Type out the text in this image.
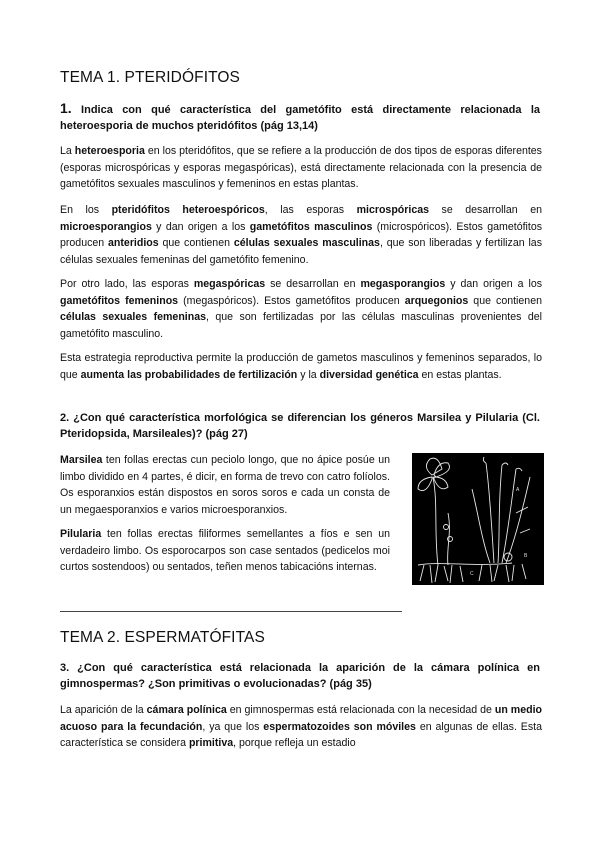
TEMA 1. PTERIDÓFITOS

1. Indica con qué característica del gametófito está directamente relacionada la heteroesporia de muchos pteridófitos (pág 13,14)

La heteroesporia en los pteridófitos, que se refiere a la producción de dos tipos de esporas diferentes (esporas microspóricas y esporas megaspóricas), está directamente relacionada con la presencia de gametófitos sexuales masculinos y femeninos en estas plantas.

En los pteridófitos heteroespóricos, las esporas microspóricas se desarrollan en microesporangios y dan origen a los gametófitos masculinos (microspóricos). Estos gametófitos producen anteridios que contienen células sexuales masculinas, que son liberadas y fertilizan las células sexuales femeninas del gametófito femenino.

Por otro lado, las esporas megaspóricas se desarrollan en megasporangios y dan origen a los gametófitos femeninos (megaspóricos). Estos gametófitos producen arquegonios que contienen células sexuales femeninas, que son fertilizadas por las células masculinas provenientes del gametófito masculino.

Esta estrategia reproductiva permite la producción de gametos masculinos y femeninos separados, lo que aumenta las probabilidades de fertilización y la diversidad genética en estas plantas.

2. ¿Con qué característica morfológica se diferencian los géneros Marsilea y Pilularia (Cl. Pteridopsida, Marsileales)? (pág 27)

Marsilea ten follas erectas cun peciolo longo, que no ápice posúe un limbo dividido en 4 partes, é dicir, en forma de trevo con catro folíolos. Os esporanxios están dispostos en soros soros e cada un consta de un megaesporanxios e varios microesporanxios.

Pilularia ten follas erectas filiformes semellantes a fíos e sen un verdadeiro limbo. Os esporocarpos son case sentados (pedicelos moi curtos sostendoos) ou sentados, teñen menos tabicacións internas.

A
B
C
TEMA 2. ESPERMATÓFITAS

3. ¿Con qué característica está relacionada la aparición de la cámara polínica en gimnospermas? ¿Son primitivas o evolucionadas? (pág 35)

La aparición de la cámara polínica en gimnospermas está relacionada con la necesidad de un medio acuoso para la fecundación, ya que los espermatozoides son móviles en algunas de ellas. Esta característica se considera primitiva, porque refleja un estadio
